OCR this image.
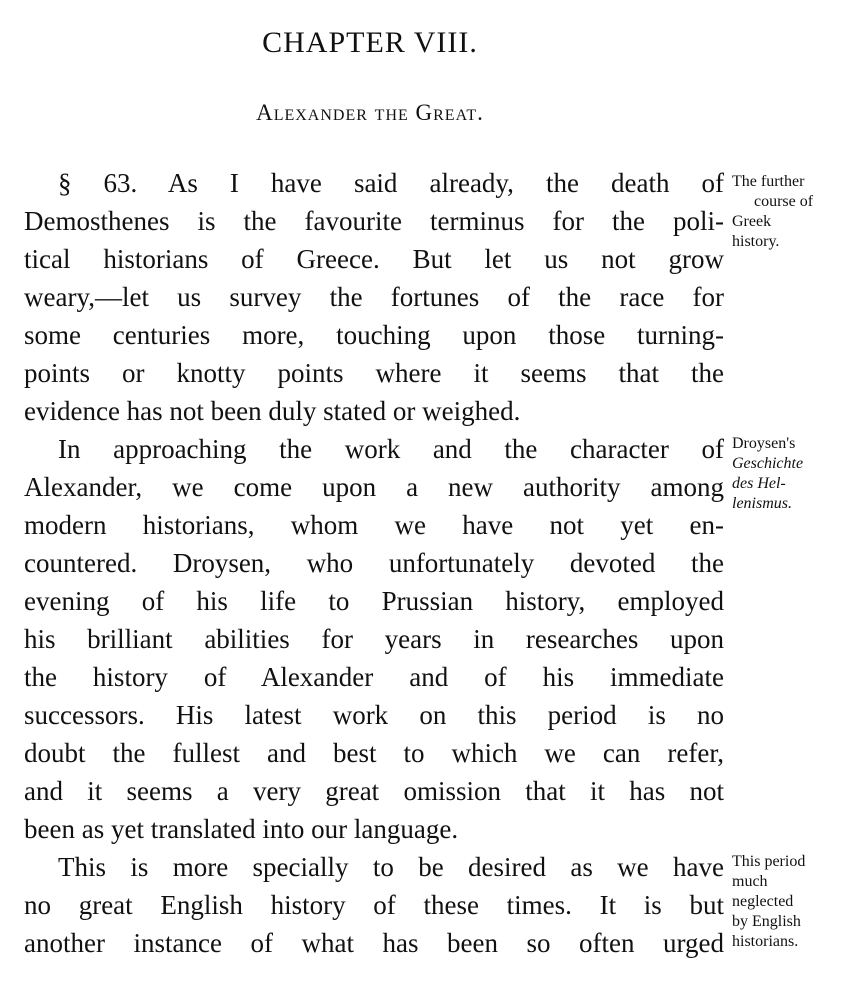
CHAPTER VIII.
Alexander the Great.
§ 63. As I have said already, the death of
Demosthenes is the favourite terminus for the poli-
tical historians of Greece. But let us not grow
weary,—let us survey the fortunes of the race for
some centuries more, touching upon those turning-
points or knotty points where it seems that the
evidence has not been duly stated or weighed.
In approaching the work and the character of
Alexander, we come upon a new authority among
modern historians, whom we have not yet en-
countered. Droysen, who unfortunately devoted the
evening of his life to Prussian history, employed
his brilliant abilities for years in researches upon
the history of Alexander and of his immediate
successors. His latest work on this period is no
doubt the fullest and best to which we can refer,
and it seems a very great omission that it has not
been as yet translated into our language.
This is more specially to be desired as we have
no great English history of these times. It is but
another instance of what has been so often urged
The further
course of
Greek
history.
Droysen's
Geschichte
des Hel-
lenismus.
This period
much
neglected
by English
historians.
